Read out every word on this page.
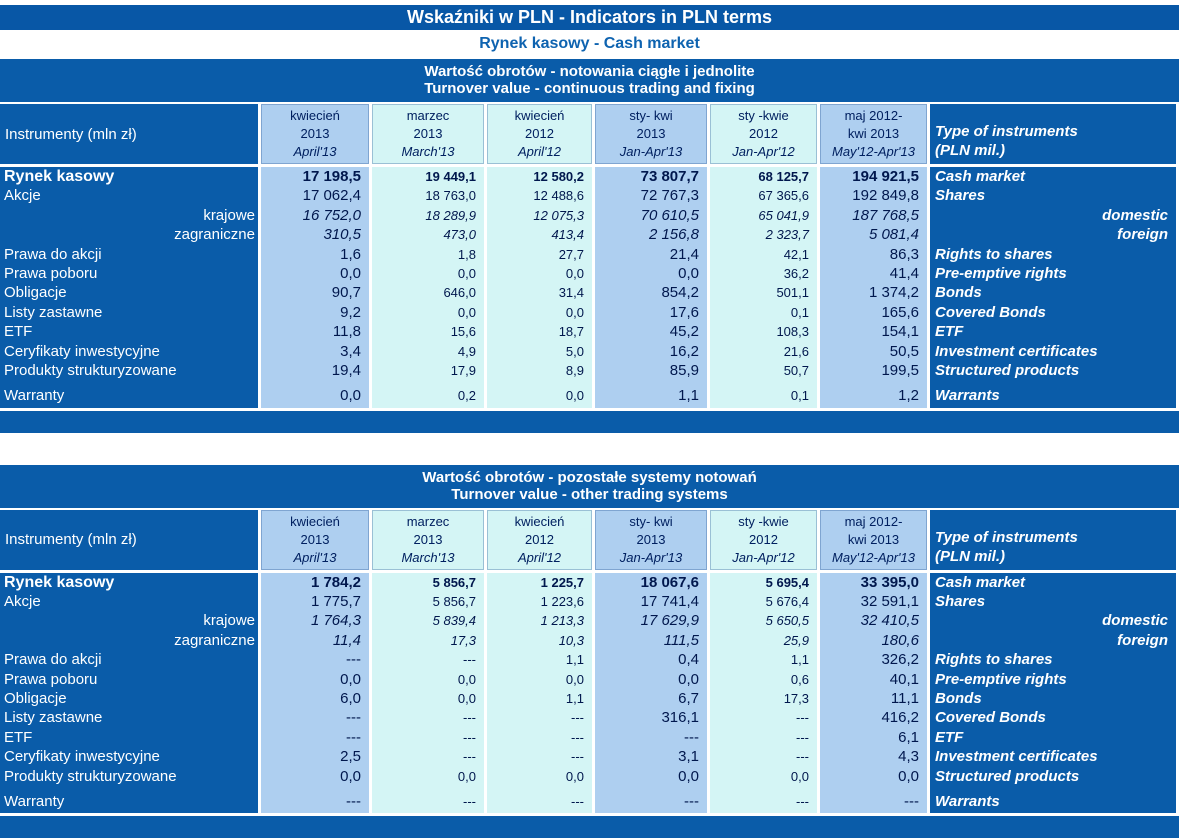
Wskaźniki w PLN - Indicators in PLN terms
Rynek kasowy - Cash market
Wartość obrotów - notowania ciągłe i jednolite
Turnover value - continuous trading and fixing
Instrumenty (mln zł)
kwiecień
2013
April'13
marzec
2013
March'13
kwiecień
2012
April'12
sty- kwi
2013
Jan-Apr'13
sty -kwie
2012
Jan-Apr'12
maj 2012-
kwi 2013
May'12-Apr'13
Type of instruments
(PLN mil.)
Rynek kasowy
Akcje
krajowe
zagraniczne
Prawa do akcji
Prawa poboru
Obligacje
Listy zastawne
ETF
Ceryfikaty inwestycyjne
Produkty strukturyzowane
Warranty
17 198,5
17 062,4
16 752,0
310,5
1,6
0,0
90,7
9,2
11,8
3,4
19,4
0,0
19 449,1
18 763,0
18 289,9
473,0
1,8
0,0
646,0
0,0
15,6
4,9
17,9
0,2
12 580,2
12 488,6
12 075,3
413,4
27,7
0,0
31,4
0,0
18,7
5,0
8,9
0,0
73 807,7
72 767,3
70 610,5
2 156,8
21,4
0,0
854,2
17,6
45,2
16,2
85,9
1,1
68 125,7
67 365,6
65 041,9
2 323,7
42,1
36,2
501,1
0,1
108,3
21,6
50,7
0,1
194 921,5
192 849,8
187 768,5
5 081,4
86,3
41,4
1 374,2
165,6
154,1
50,5
199,5
1,2
Cash market
Shares
domestic
foreign
Rights to shares
Pre-emptive rights
Bonds
Covered Bonds
ETF
Investment certificates
Structured products
Warrants
Wartość obrotów - pozostałe systemy notowań
Turnover value - other trading systems
Instrumenty (mln zł)
kwiecień
2013
April'13
marzec
2013
March'13
kwiecień
2012
April'12
sty- kwi
2013
Jan-Apr'13
sty -kwie
2012
Jan-Apr'12
maj 2012-
kwi 2013
May'12-Apr'13
Type of instruments
(PLN mil.)
Rynek kasowy
Akcje
krajowe
zagraniczne
Prawa do akcji
Prawa poboru
Obligacje
Listy zastawne
ETF
Ceryfikaty inwestycyjne
Produkty strukturyzowane
Warranty
1 784,2
1 775,7
1 764,3
11,4
---
0,0
6,0
---
---
2,5
0,0
---
5 856,7
5 856,7
5 839,4
17,3
---
0,0
0,0
---
---
---
0,0
---
1 225,7
1 223,6
1 213,3
10,3
1,1
0,0
1,1
---
---
---
0,0
---
18 067,6
17 741,4
17 629,9
111,5
0,4
0,0
6,7
316,1
---
3,1
0,0
---
5 695,4
5 676,4
5 650,5
25,9
1,1
0,6
17,3
---
---
---
0,0
---
33 395,0
32 591,1
32 410,5
180,6
326,2
40,1
11,1
416,2
6,1
4,3
0,0
---
Cash market
Shares
domestic
foreign
Rights to shares
Pre-emptive rights
Bonds
Covered Bonds
ETF
Investment certificates
Structured products
Warrants
